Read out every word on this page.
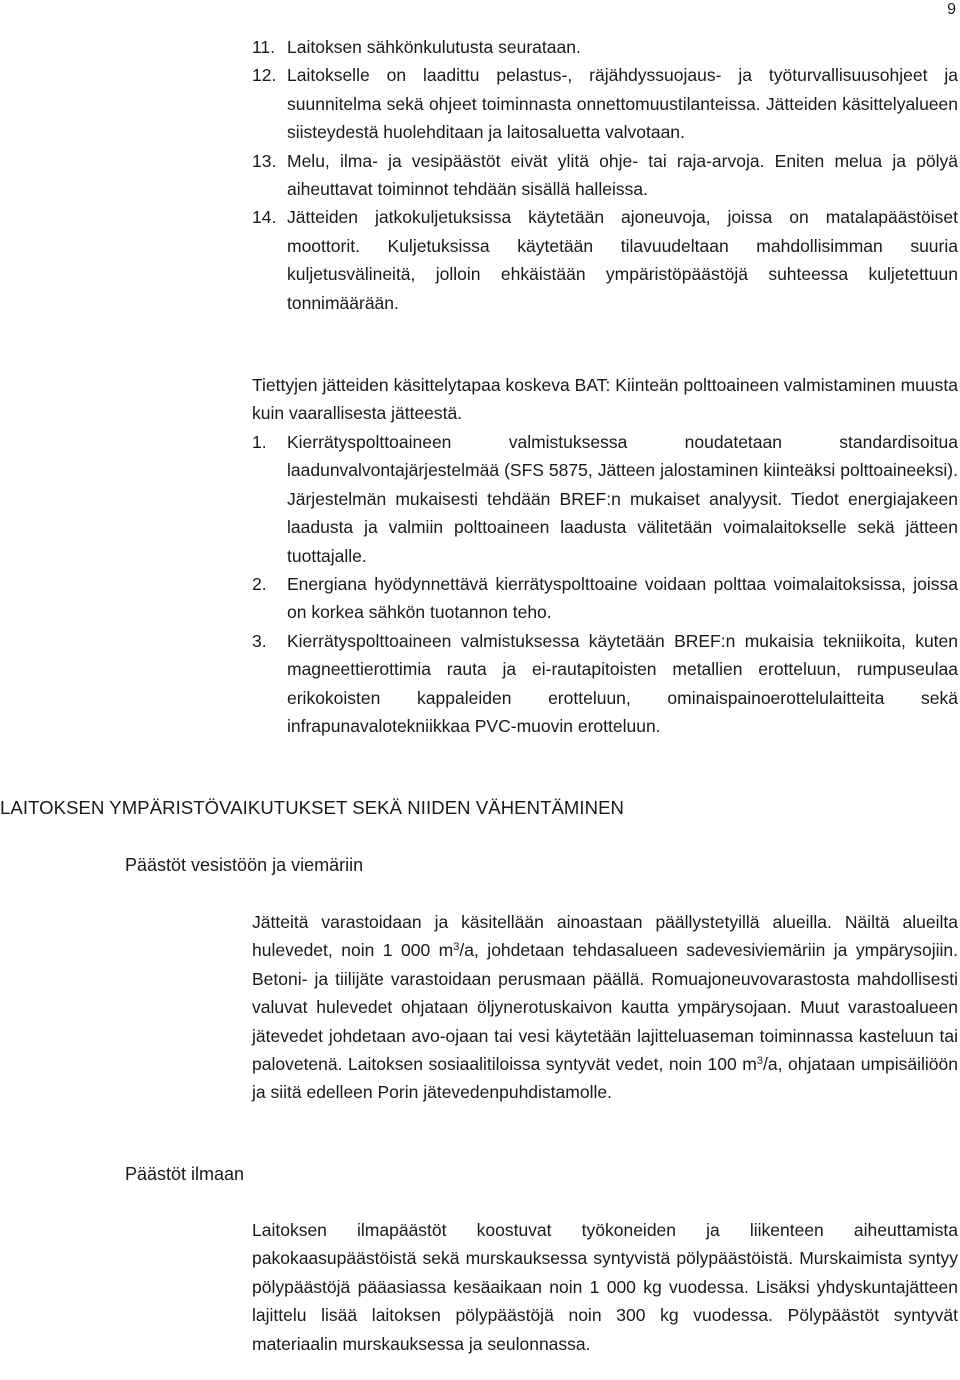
9
11. Laitoksen sähkönkulutusta seurataan.
12. Laitokselle on laadittu pelastus-, räjähdyssuojaus- ja työturvallisuusohjeet ja suunnitelma sekä ohjeet toiminnasta onnettomuustilanteissa. Jätteiden käsittelyalueen siisteydestä huolehditaan ja laitosaluetta valvotaan.
13. Melu, ilma- ja vesipäästöt eivät ylitä ohje- tai raja-arvoja. Eniten melua ja pölyä aiheuttavat toiminnot tehdään sisällä halleissa.
14. Jätteiden jatkokuljetuksissa käytetään ajoneuvoja, joissa on matalapäästöiset moottorit. Kuljetuksissa käytetään tilavuudeltaan mahdollisimman suuria kuljetusvälineitä, jolloin ehkäistään ympäristöpäästöjä suhteessa kuljetettuun tonnimäärään.

Tiettyjen jätteiden käsittelytapaa koskeva BAT: Kiinteän polttoaineen valmistaminen muusta kuin vaarallisesta jätteestä.

1. Kierrätyspolttoaineen valmistuksessa noudatetaan standardisoitua laadunvalvontajärjestelmää (SFS 5875, Jätteen jalostaminen kiinteäksi polttoaineeksi). Järjestelmän mukaisesti tehdään BREF:n mukaiset analyysit. Tiedot energiajakeen laadusta ja valmiin polttoaineen laadusta välitetään voimalaitokselle sekä jätteen tuottajalle.
2. Energiana hyödynnettävä kierrätyspolttoaine voidaan polttaa voimalaitoksissa, joissa on korkea sähkön tuotannon teho.
3. Kierrätyspolttoaineen valmistuksessa käytetään BREF:n mukaisia tekniikoita, kuten magneettierottimia rauta ja ei-rautapitoisten metallien erotteluun, rumpuseulaa erikokoisten kappaleiden erotteluun, ominaispainoerottelulaitteita sekä infrapunavalotekniikkaa PVC-muovin erotteluun.
LAITOKSEN YMPÄRISTÖVAIKUTUKSET SEKÄ NIIDEN VÄHENTÄMINEN
Päästöt vesistöön ja viemäriin

Jätteitä varastoidaan ja käsitellään ainoastaan päällystetyillä alueilla. Näiltä alueilta hulevedet, noin 1 000 $m^3/a$, johdetaan tehdasalueen sadevesiviemäriin ja ympärysojiin. Betoni- ja tiilijäte varastoidaan perusmaan päällä. Romuajoneuvovarastosta mahdollisesti valuvat hulevedet ohjataan öljynerotuskaivon kautta ympärysojaan. Muut varastoalueen jätevedet johdetaan avo-ojaan tai vesi käytetään lajitteluaseman toiminnassa kasteluun tai palovetenä. Laitoksen sosiaalitiloissa syntyvät vedet, noin 100 $m^3/a$, ohjataan umpisäiliöön ja siitä edelleen Porin jätevedenpuhdistamolle.

Päästöt ilmaan

Laitoksen ilmapäästöt koostuvat työkoneiden ja liikenteen aiheuttamista pakokaasupäästöistä sekä murskauksessa syntyvistä pölypäästöistä. Murskaimista syntyy pölypäästöjä pääasiassa kesäaikaan noin 1 000 kg vuodessa. Lisäksi yhdyskuntajätteen lajittelu lisää laitoksen pölypäästöjä noin 300 kg vuodessa. Pölypäästöt syntyvät materiaalin murskauksessa ja seulonnassa.
